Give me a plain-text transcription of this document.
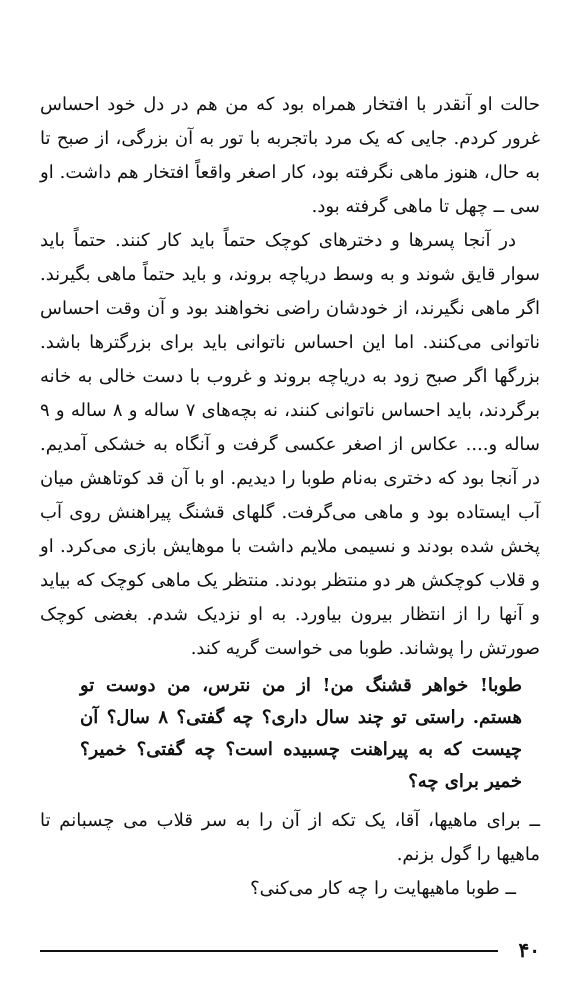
حالت او آنقدر با افتخار همراه بود که من هم در دل خود احساس غرور کردم. جایی که یک مرد باتجربه با تور به آن بزرگی، از صبح تا به حال، هنوز ماهی نگرفته بود، کار اصغر واقعاً افتخار هم داشت. او سی ــ چهل تا ماهی گرفته بود.

در آنجا پسرها و دخترهای کوچک حتماً باید کار کنند. حتماً باید سوار قایق شوند و به وسط دریاچه بروند، و باید حتماً ماهی بگیرند. اگر ماهی نگیرند، از خودشان راضی نخواهند بود و آن وقت احساس ناتوانی می‌کنند. اما این احساس ناتوانی باید برای بزرگترها باشد. بزرگها اگر صبح زود به دریاچه بروند و غروب با دست خالی به خانه برگردند، باید احساس ناتوانی کنند، نه بچه‌های ۷ ساله و ۸ ساله و ۹ ساله و.... عکاس از اصغر عکسی گرفت و آنگاه به خشکی آمدیم. در آنجا بود که دختری به‌نام طوبا را دیدیم. او با آن قد کوتاهش میان آب ایستاده بود و ماهی می‌گرفت. گلهای قشنگ پیراهنش روی آب پخش شده بودند و نسیمی ملایم داشت با موهایش بازی می‌کرد. او و قلاب کوچکش هر دو منتظر بودند. منتظر یک ماهی کوچک که بیاید و آنها را از انتظار بیرون بیاورد. به او نزدیک شدم. بغضی کوچک صورتش را پوشاند. طوبا می خواست گریه کند.

طوبا! خواهر قشنگ من! از من نترس، من دوست تو هستم. راستی تو چند سال داری؟ چه گفتی؟ ۸ سال؟ آن چیست که به پیراهنت چسبیده است؟ چه گفتی؟ خمیر؟ خمیر برای چه؟

ــ برای ماهیها، آقا، یک تکه از آن را به سر قلاب می چسبانم تا ماهیها را گول بزنم.

ــ طوبا ماهیهایت را چه کار می‌کنی؟

۴۰
